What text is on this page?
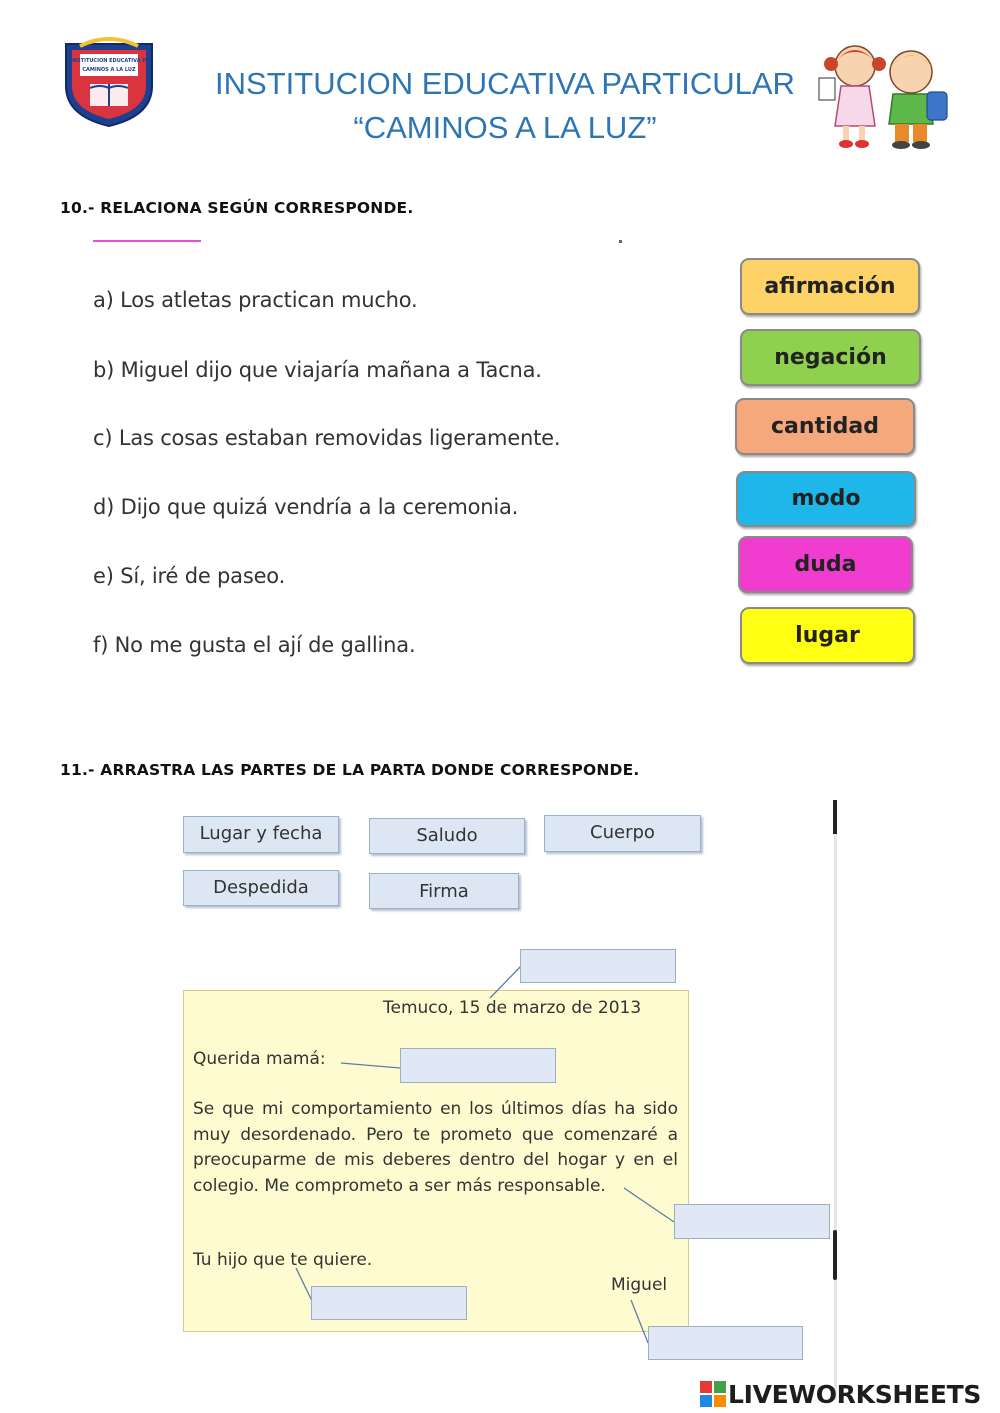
INSTITUCION EDUCATIVA P.
CAMINOS A LA LUZ	INSTITUCION EDUCATIVA PARTICULAR
“CAMINOS A LA LUZ”
10.- RELACIONA SEGÚN CORRESPONDE.
a) Los atletas practican mucho.
b) Miguel dijo que viajaría mañana a Tacna.
c) Las cosas estaban removidas ligeramente.
d) Dijo que quizá vendría a la ceremonia.
e) Sí, iré de paseo.
f) No me gusta el ají de gallina.
afirmación
negación
cantidad
modo
duda
lugar
11.- ARRASTRA LAS PARTES DE LA PARTA DONDE CORRESPONDE.
Lugar y fecha	Saludo	Cuerpo
Despedida	Firma
Temuco, 15 de marzo de 2013
Querida mamá:
Se que mi comportamiento en los últimos días ha sido muy desordenado. Pero te prometo que comenzaré a preocuparme de mis deberes dentro del hogar y en el colegio. Me comprometo a ser más responsable.
Tu hijo que te quiere.
Miguel
LIVEWORKSHEETS
